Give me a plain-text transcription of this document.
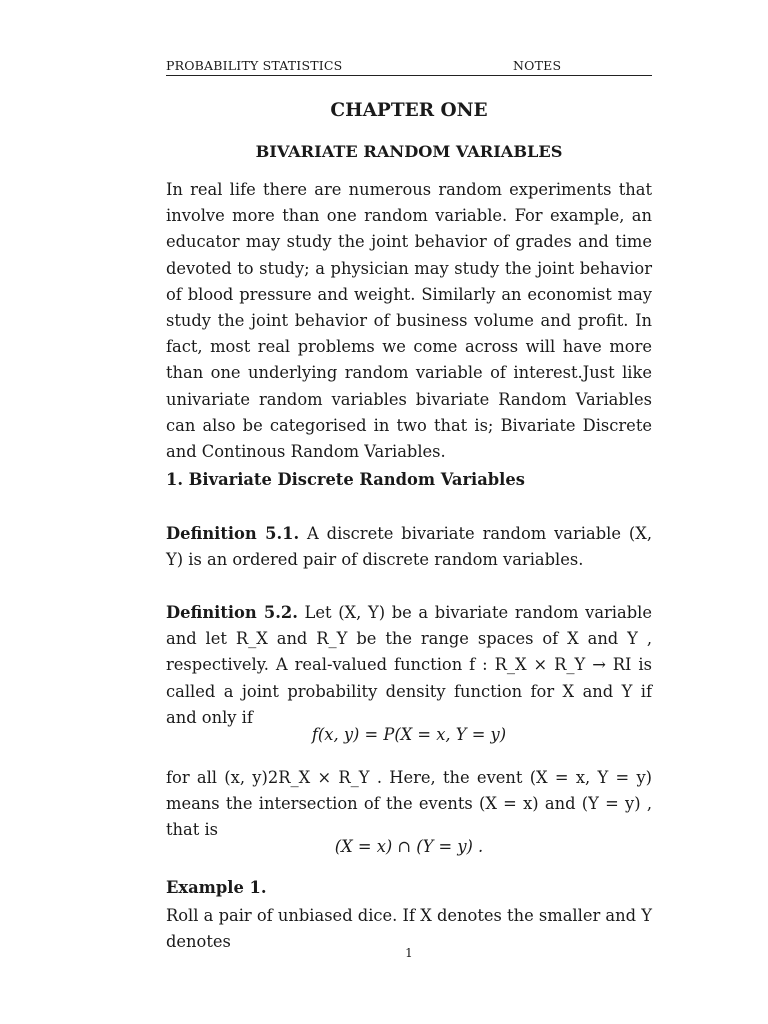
PROBABILITY STATISTICS	NOTES
CHAPTER ONE
BIVARIATE RANDOM VARIABLES
In real life there are numerous random experiments that involve more than one random variable. For example, an educator may study the joint behavior of grades and time devoted to study; a physician may study the joint behavior of blood pressure and weight. Similarly an economist may study the joint behavior of business volume and profit. In fact, most real problems we come across will have more than one underlying random variable of interest.Just like univariate random variables bivariate Random Variables can also be categorised in two that is; Bivariate Discrete and Continous Random Variables.
1. Bivariate Discrete Random Variables
Definition 5.1. A discrete bivariate random variable (X, Y) is an ordered pair of discrete random variables.
Definition 5.2. Let (X, Y) be a bivariate random variable and let R_X and R_Y be the range spaces of X and Y , respectively. A real-valued function f : R_X × R_Y → RI is called a joint probability density function for X and Y if and only if
f(x, y) = P(X = x, Y = y)
for all (x, y)2R_X × R_Y . Here, the event (X = x, Y = y) means the intersection of the events (X = x) and (Y = y) , that is
(X = x) ∩ (Y = y) .
Example 1.
Roll a pair of unbiased dice. If X denotes the smaller and Y denotes
1
